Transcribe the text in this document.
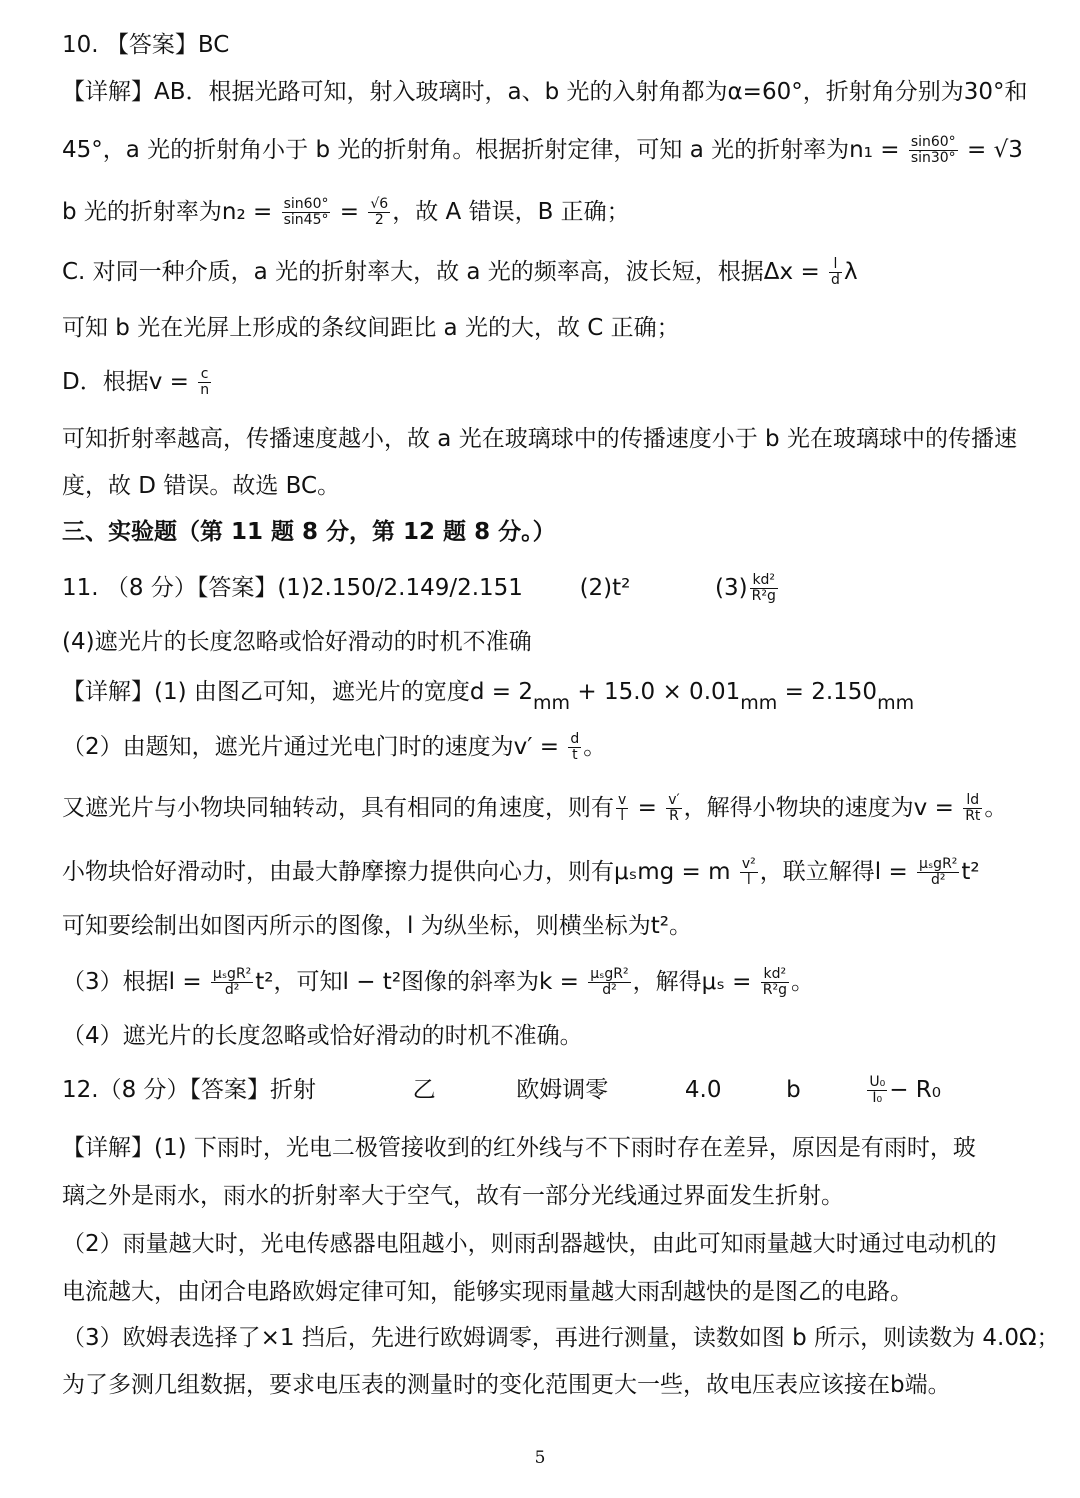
10. 【答案】BC
【详解】AB．根据光路可知，射入玻璃时，a、b 光的入射角都为α=60°，折射角分别为30°和
45°，a 光的折射角小于 b 光的折射角。根据折射定律，可知 a 光的折射率为$n_1 = \frac{\sin 60^\circ}{\sin 30^\circ} = √3$
b 光的折射率为$n_2 = \frac{\sin 60^\circ}{\sin 45^\circ} = \frac{√6}{2}$ ，故 A 错误，B 正确；
C. 对同一种介质，a 光的折射率大，故 a 光的频率高，波长短，根据$\Delta x = \frac{l}{d}$ λ
可知 b 光在光屏上形成的条纹间距比 a 光的大，故 C 正确；
D．根据$v = \frac{c}{n}$
可知折射率越高，传播速度越小，故 a 光在玻璃球中的传播速度小于 b 光在玻璃球中的传播速
度，故 D 错误。故选 BC。
三、实验题（第 11 题 8 分，第 12 题 8 分。）
11. （8 分）【答案】(1)2.150/2.149/2.151 (2)t²	$(3) \frac{\text{kd²}}{\text{R²g}}$
(4)遮光片的长度忽略或恰好滑动的时机不准确
【详解】(1) 由图乙可知，遮光片的宽度$d = 2_{mm} + 15.0 \times 0.01_{mm} = 2.150_{mm}$
（2）由题知，遮光片通过光电门时的速度为$v' = \frac{d}{t}$ 。
又遮光片与小物块同轴转动，具有相同的角速度，则有 $\frac{v}{l} = \frac{v'}{R}$ ，解得小物块的速度为$v = \frac{ld}{Rt}$ 。
小物块恰好滑动时，由最大静摩擦力提供向心力，则有μₛmg = m $\frac{\text{v²}}{l}$ ，联立解得$l = \frac{\text{μₛgR²}}{\text{d²}} t^2$
可知要绘制出如图丙所示的图像，l 为纵坐标，则横坐标为t²。
（3）根据$l = \frac{\text{μₛgR²}}{\text{d²}} t^2$，可知l − t²图像的斜率为$k = \frac{\text{μₛgR²}}{\text{d²}}$ ，解得$\mu_s = \frac{\text{kd²}}{\text{R²g}}$ 。
（4）遮光片的长度忽略或恰好滑动的时机不准确。
12.（8 分）【答案】折射	乙	欧姆调零	4.0	b	$\frac{\text{U₀}}{\text{I₀}} - R_0$
【详解】(1) 下雨时，光电二极管接收到的红外线与不下雨时存在差异，原因是有雨时，玻
璃之外是雨水，雨水的折射率大于空气，故有一部分光线通过界面发生折射。
（2）雨量越大时，光电传感器电阻越小，则雨刮器越快，由此可知雨量越大时通过电动机的
电流越大，由闭合电路欧姆定律可知，能够实现雨量越大雨刮越快的是图乙的电路。
（3）欧姆表选择了×1 挡后，先进行欧姆调零，再进行测量，读数如图 b 所示，则读数为 4.0Ω；
为了多测几组数据，要求电压表的测量时的变化范围更大一些，故电压表应该接在b端。
5
